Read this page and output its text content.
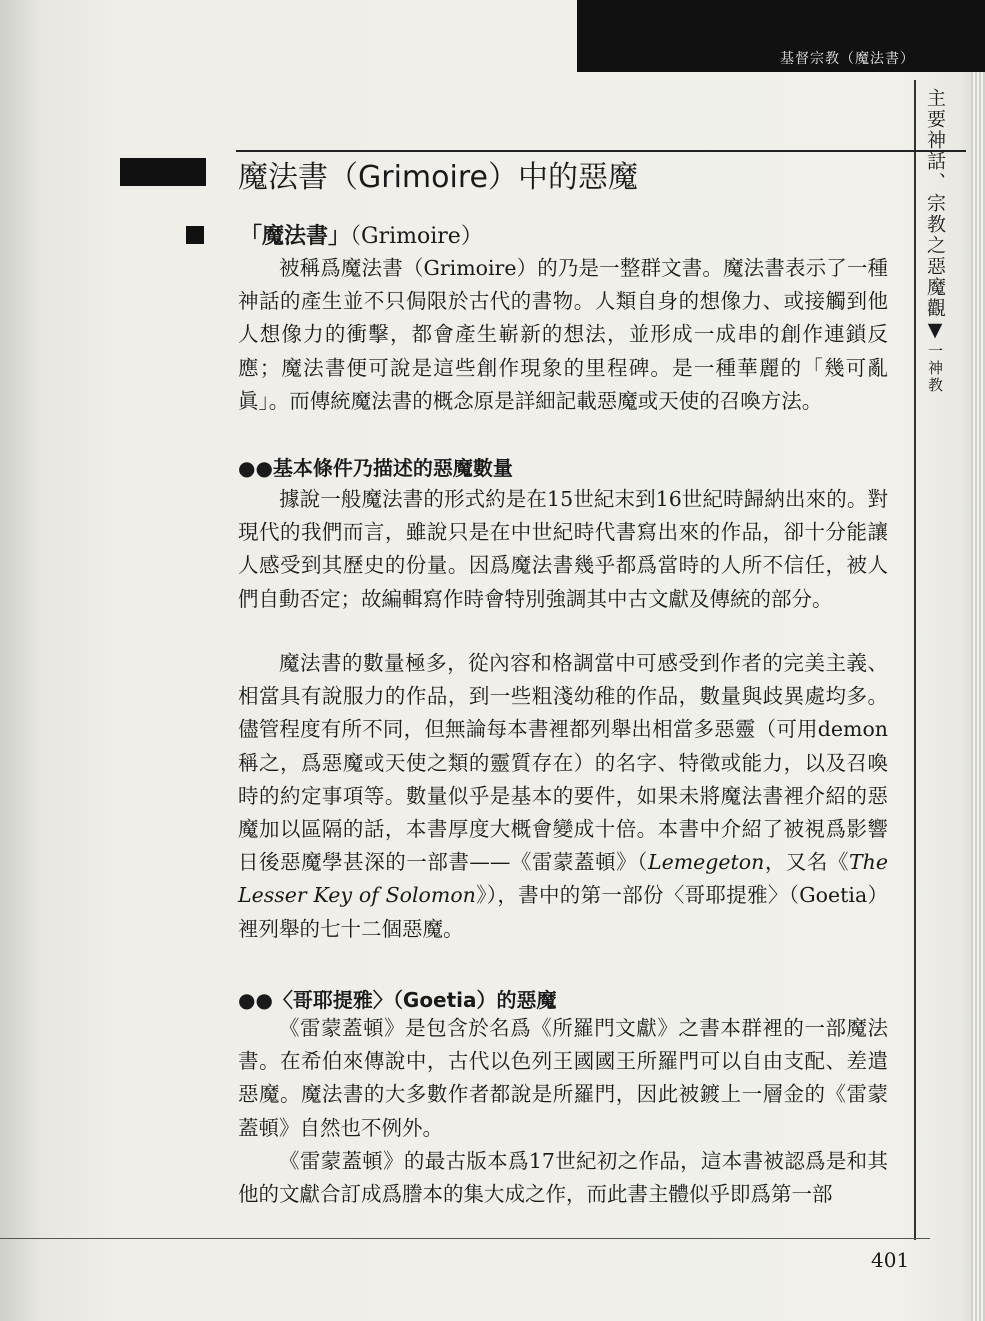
基督宗教（魔法書）
主要神話、宗教之惡魔觀▼一神教
魔法書（Grimoire）中的惡魔
「魔法書」（Grimoire）
被稱爲魔法書（Grimoire）的乃是一整群文書。魔法書表示了一種神話的產生並不只侷限於古代的書物。人類自身的想像力、或接觸到他人想像力的衝擊，都會產生嶄新的想法，並形成一成串的創作連鎖反應；魔法書便可說是這些創作現象的里程碑。是一種華麗的「幾可亂眞」。而傳統魔法書的概念原是詳細記載惡魔或天使的召喚方法。
●●基本條件乃描述的惡魔數量
據說一般魔法書的形式約是在15世紀末到16世紀時歸納出來的。對現代的我們而言，雖說只是在中世紀時代書寫出來的作品，卻十分能讓人感受到其歷史的份量。因爲魔法書幾乎都爲當時的人所不信任，被人們自動否定；故編輯寫作時會特別強調其中古文獻及傳統的部分。
魔法書的數量極多，從內容和格調當中可感受到作者的完美主義、相當具有說服力的作品，到一些粗淺幼稚的作品，數量與歧異處均多。儘管程度有所不同，但無論每本書裡都列舉出相當多惡靈（可用demon稱之，爲惡魔或天使之類的靈質存在）的名字、特徵或能力，以及召喚時的約定事項等。數量似乎是基本的要件，如果未將魔法書裡介紹的惡魔加以區隔的話，本書厚度大概會變成十倍。本書中介紹了被視爲影響日後惡魔學甚深的一部書——《雷蒙蓋頓》（Lemegeton，又名《The Lesser Key of Solomon》），書中的第一部份〈哥耶提雅〉（Goetia）裡列舉的七十二個惡魔。
●●〈哥耶提雅〉（Goetia）的惡魔
《雷蒙蓋頓》是包含於名爲《所羅門文獻》之書本群裡的一部魔法書。在希伯來傳說中，古代以色列王國國王所羅門可以自由支配、差遣惡魔。魔法書的大多數作者都說是所羅門，因此被鍍上一層金的《雷蒙蓋頓》自然也不例外。
《雷蒙蓋頓》的最古版本爲17世紀初之作品，這本書被認爲是和其他的文獻合訂成爲謄本的集大成之作，而此書主體似乎即爲第一部
401
